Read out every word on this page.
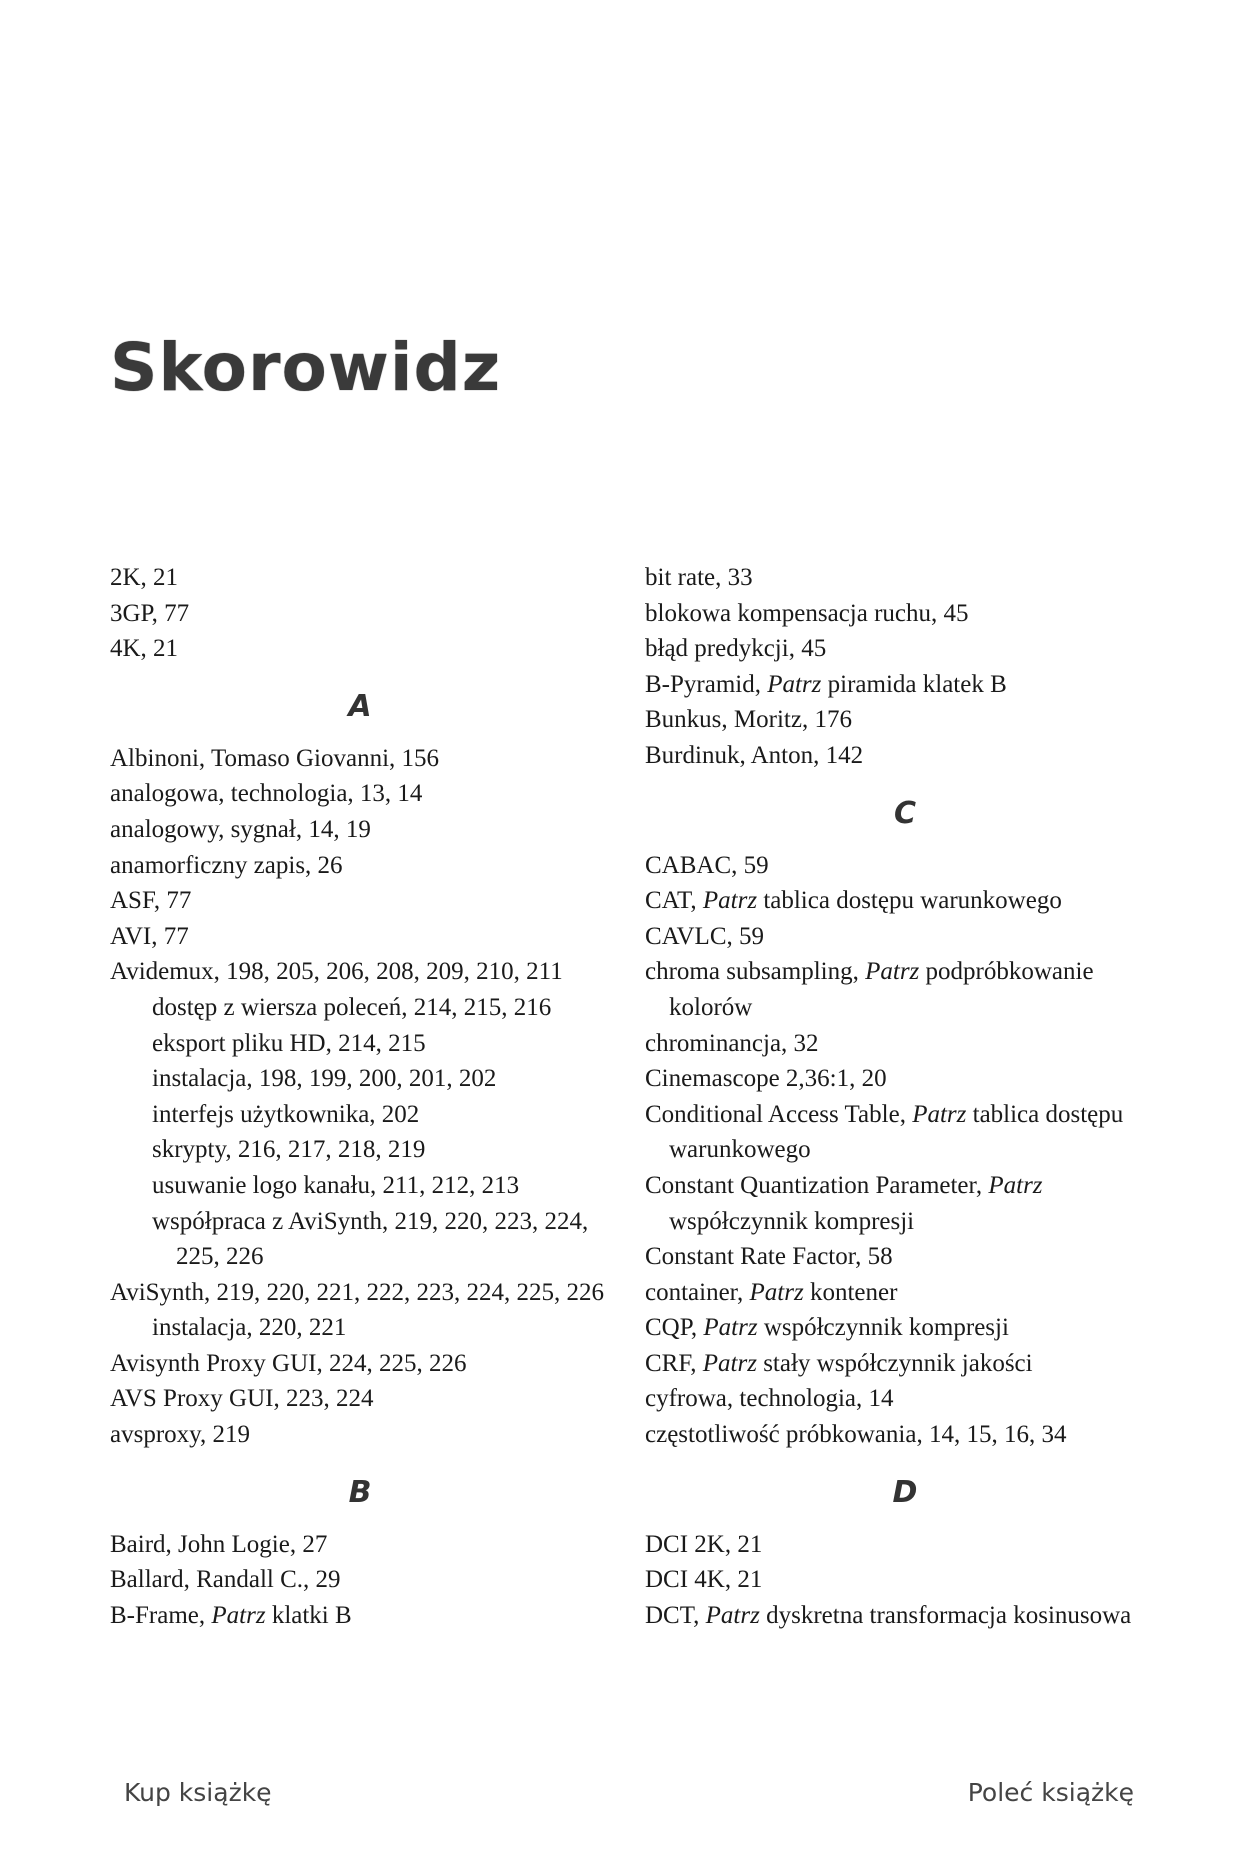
Skorowidz
2K, 21
3GP, 77
4K, 21
A
Albinoni, Tomaso Giovanni, 156
analogowa, technologia, 13, 14
analogowy, sygnał, 14, 19
anamorficzny zapis, 26
ASF, 77
AVI, 77
Avidemux, 198, 205, 206, 208, 209, 210, 211
dostęp z wiersza poleceń, 214, 215, 216
eksport pliku HD, 214, 215
instalacja, 198, 199, 200, 201, 202
interfejs użytkownika, 202
skrypty, 216, 217, 218, 219
usuwanie logo kanału, 211, 212, 213
współpraca z AviSynth, 219, 220, 223, 224, 225, 226
AviSynth, 219, 220, 221, 222, 223, 224, 225, 226
instalacja, 220, 221
Avisynth Proxy GUI, 224, 225, 226
AVS Proxy GUI, 223, 224
avsproxy, 219
B
Baird, John Logie, 27
Ballard, Randall C., 29
B-Frame, Patrz klatki B
bit rate, 33
blokowa kompensacja ruchu, 45
błąd predykcji, 45
B-Pyramid, Patrz piramida klatek B
Bunkus, Moritz, 176
Burdinuk, Anton, 142
C
CABAC, 59
CAT, Patrz tablica dostępu warunkowego
CAVLC, 59
chroma subsampling, Patrz podpróbkowanie kolorów
chrominancja, 32
Cinemascope 2,36:1, 20
Conditional Access Table, Patrz tablica dostępu warunkowego
Constant Quantization Parameter, Patrz współczynnik kompresji
Constant Rate Factor, 58
container, Patrz kontener
CQP, Patrz współczynnik kompresji
CRF, Patrz stały współczynnik jakości
cyfrowa, technologia, 14
częstotliwość próbkowania, 14, 15, 16, 34
D
DCI 2K, 21
DCI 4K, 21
DCT, Patrz dyskretna transformacja kosinusowa
Kup książkę	Poleć książkę
